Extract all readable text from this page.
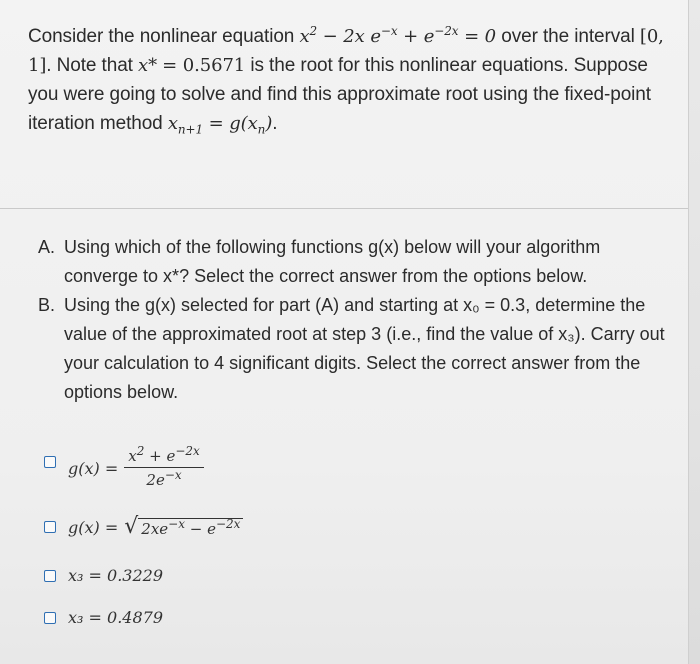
Consider the nonlinear equation $x^2 - 2x$ $e^{-x} + e^{-2x} = 0$ over the interval [0, 1]. Note that x* = 0.5671 is the root for this nonlinear equations. Suppose you were going to solve and find this approximate root using the fixed-point iteration method $x_{n+1} = g(x_n)$.
A. Using which of the following functions g(x) below will your algorithm converge to x*? Select the correct answer from the options below.
B. Using the g(x) selected for part (A) and starting at x₀ = 0.3, determine the value of the approximated root at step 3 (i.e., find the value of x₃). Carry out your calculation to 4 significant digits. Select the correct answer from the options below.
$g(x) = \frac{x^2 + e^{-2x}}{2e^{-x}}$
g(x) = √ $2xe^{-x} - e^{-2x}$
x₃ = 0.3229
x₃ = 0.4879
